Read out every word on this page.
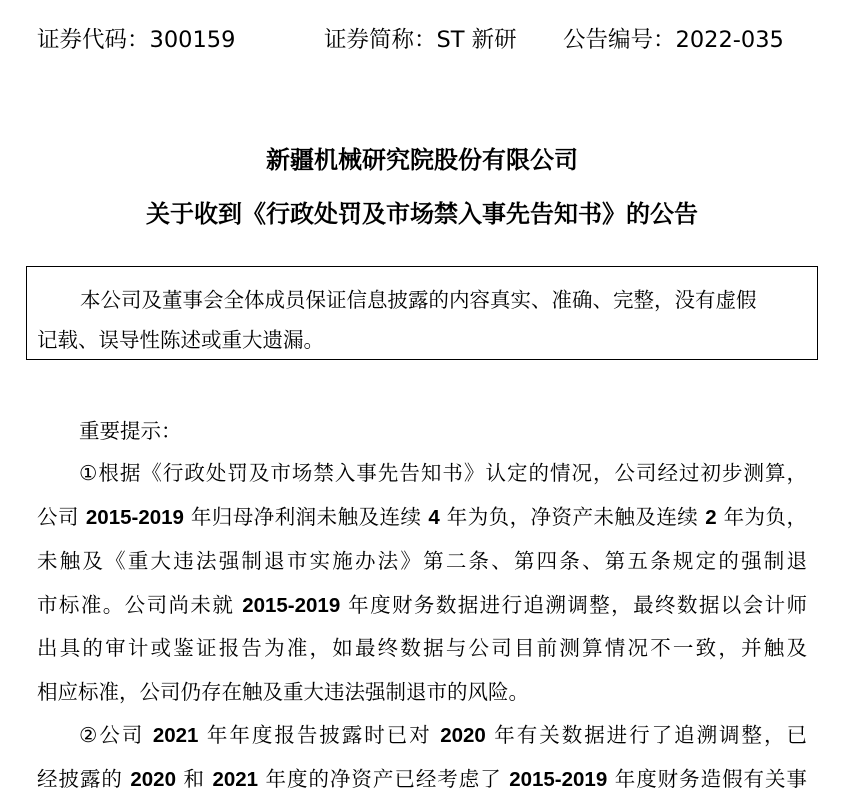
证券代码：300159	证券简称：ST 新研 公告编号：2022-035
新疆机械研究院股份有限公司
关于收到《行政处罚及市场禁入事先告知书》的公告
本公司及董事会全体成员保证信息披露的内容真实、准确、完整，没有虚假
记载、误导性陈述或重大遗漏。
重要提示：
①根据《行政处罚及市场禁入事先告知书》认定的情况，公司经过初步测算，
公司 2015-2019 年归母净利润未触及连续 4 年为负，净资产未触及连续 2 年为负，
未触及《重大违法强制退市实施办法》第二条、第四条、第五条规定的强制退
市标准。公司尚未就 2015-2019 年度财务数据进行追溯调整，最终数据以会计师
出具的审计或鉴证报告为准，如最终数据与公司目前测算情况不一致，并触及
相应标准，公司仍存在触及重大违法强制退市的风险。
②公司 2021 年年度报告披露时已对 2020 年有关数据进行了追溯调整，已
经披露的 2020 和 2021 年度的净资产已经考虑了 2015-2019 年度财务造假有关事
